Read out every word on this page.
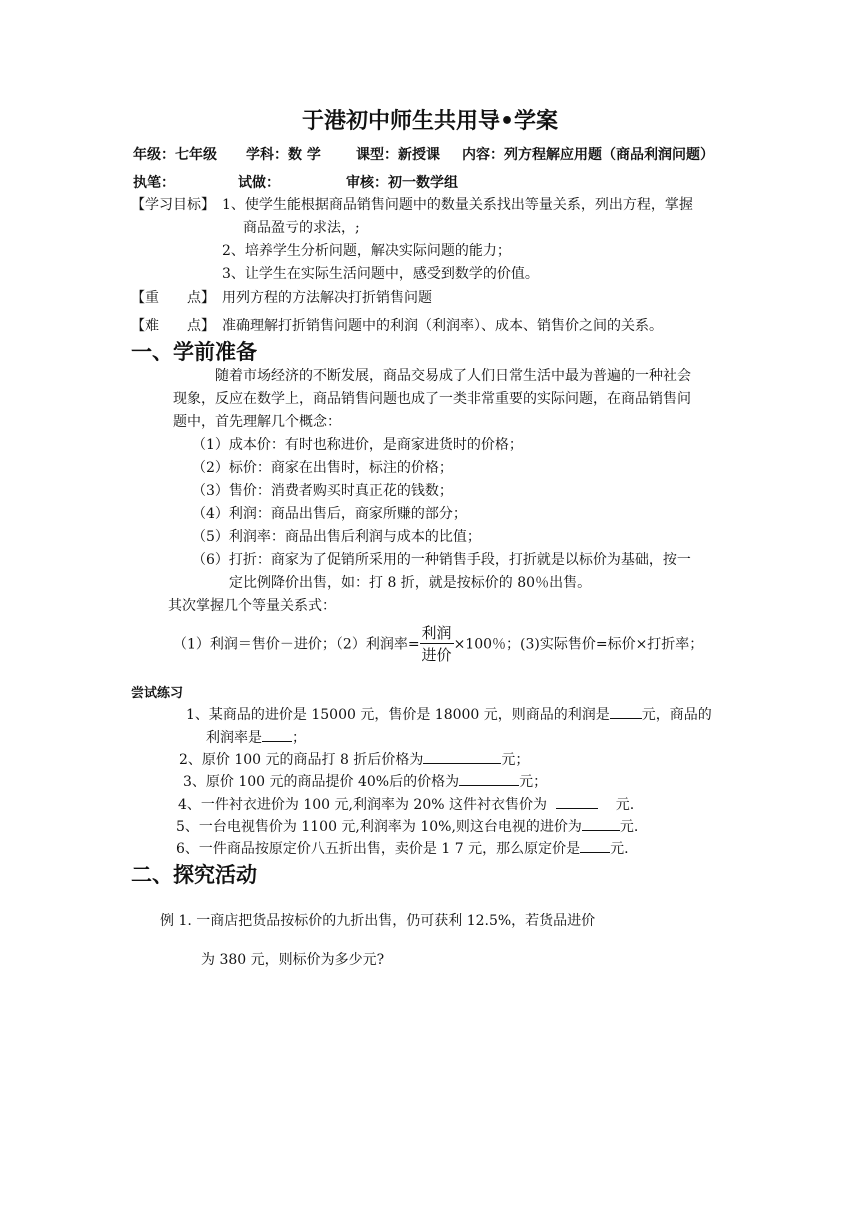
于港初中师生共用导•学案
年级：七年级 学科：数 学	课型：新授课 内容：列方程解应用题（商品利润问题）
执笔：	试做：	审核：初一数学组
【学习目标】 1、使学生能根据商品销售问题中的数量关系找出等量关系，列出方程，掌握
商品盈亏的求法，;
2、培养学生分析问题，解决实际问题的能力；
3、让学生在实际生活问题中，感受到数学的价值。
【重　　点】 用列方程的方法解决打折销售问题
【难　　点】 准确理解打折销售问题中的利润（利润率）、成本、销售价之间的关系。
一、学前准备
随着市场经济的不断发展，商品交易成了人们日常生活中最为普遍的一种社会
现象，反应在数学上，商品销售问题也成了一类非常重要的实际问题，在商品销售问
题中，首先理解几个概念：
（1）成本价：有时也称进价，是商家进货时的价格；
（2）标价：商家在出售时，标注的价格；
（3）售价：消费者购买时真正花的钱数；
（4）利润：商品出售后，商家所赚的部分；
（5）利润率：商品出售后利润与成本的比值；
（6）打折：商家为了促销所采用的一种销售手段，打折就是以标价为基础，按一
定比例降价出售，如：打 8 折，就是按标价的 80％出售。
其次掌握几个等量关系式：
（1）利润＝售价－进价；（2）利润率= $\frac{\text{利润}}{\text{进价}} \times 100$％；(3)实际售价=标价×打折率；
尝试练习
1、某商品的进价是 15000 元，售价是 18000 元，则商品的利润是 元，商品的
利润率是 ；
2、原价 100 元的商品打 8 折后价格为	元；
3、原价 100 元的商品提价 40%后的价格为	元；
4、一件衬衣进价为 100 元,利润率为 20% 这件衬衣售价为	元.
5、一台电视售价为 1100 元,利润率为 10%,则这台电视的进价为	元.
6、一件商品按原定价八五折出售，卖价是 1 7 元，那么原定价是 元.
二、探究活动
例 1. 一商店把货品按标价的九折出售，仍可获利 12.5%，若货品进价
为 380 元，则标价为多少元?
